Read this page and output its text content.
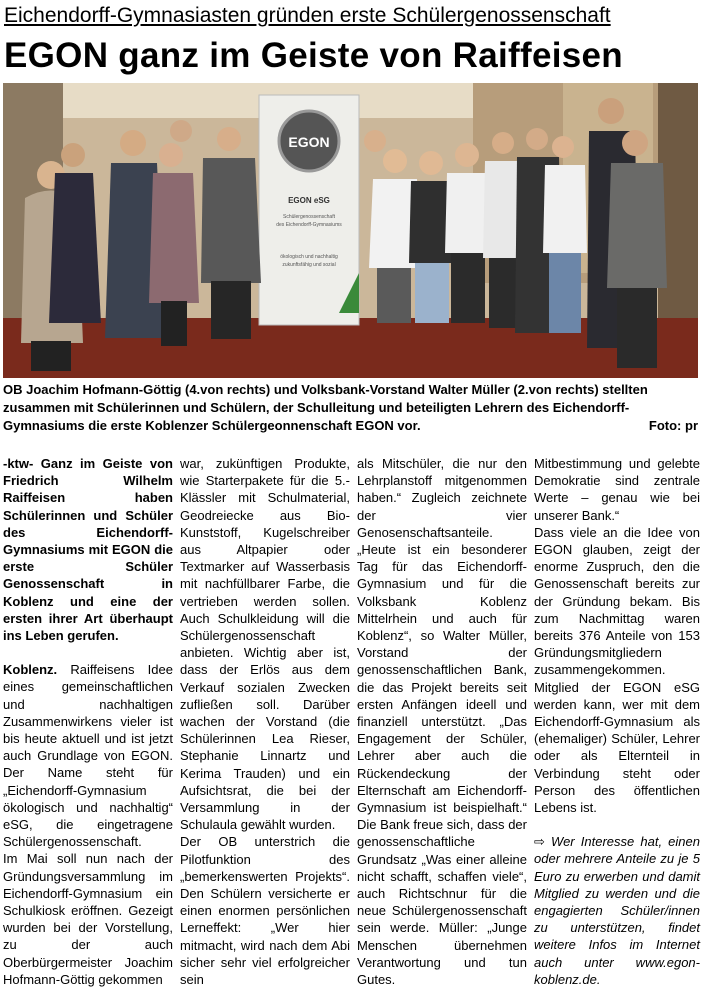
Eichendorff-Gymnasiasten gründen erste Schülergenossenschaft
EGON ganz im Geiste von Raiffeisen
EGON
EGON eSG
Schülergenossenschaft
des Eichendorff-Gymnasiums
ökologisch und nachhaltig
zukunftsfähig und sozial
OB Joachim Hofmann-Göttig (4.von rechts) und Volksbank-Vorstand Walter Müller (2.von rechts) stellten zusammen mit Schülerinnen und Schülern, der Schulleitung und beteiligten Lehrern des Eichendorff-Gymnasiums die erste Koblenzer Schülergeonnenschaft EGON vor.	Foto: pr

-ktw- Ganz im Geiste von Friedrich Wilhelm Raiffeisen haben Schülerinnen und Schüler des Eichendorff-Gymnasiums mit EGON die erste Schüler Genossenschaft in Koblenz und eine der ersten ihrer Art überhaupt ins Leben gerufen.

Koblenz. Raiffeisens Idee eines gemeinschaftlichen und nachhaltigen Zusammenwirkens vieler ist bis heute aktuell und ist jetzt auch Grundlage von EGON. Der Name steht für „Eichendorff-Gymnasium ökologisch und nachhaltig“ eSG, die eingetragene Schülergenossenschaft.

Im Mai soll nun nach der Gründungsversammlung im Eichendorff-Gymnasium ein Schulkiosk eröffnen. Gezeigt wurden bei der Vorstellung, zu der auch Oberbürgermeister Joachim Hofmann-Göttig gekommen

war, zukünftigen Produkte, wie Starterpakete für die 5.-Klässler mit Schulmaterial, Geodreiecke aus Bio-Kunststoff, Kugelschreiber aus Altpapier oder Textmarker auf Wasserbasis mit nachfüllbarer Farbe, die vertrieben werden sollen. Auch Schulkleidung will die Schülergenossenschaft anbieten. Wichtig aber ist, dass der Erlös aus dem Verkauf sozialen Zwecken zufließen soll. Darüber wachen der Vorstand (die Schülerinnen Lea Rieser, Stephanie Linnartz und Kerima Trauden) und ein Aufsichtsrat, die bei der Versammlung in der Schulaula gewählt wurden.

Der OB unterstrich die Pilotfunktion des „bemerkenswerten Projekts“. Den Schülern versicherte er einen enormen persönlichen Lerneffekt: „Wer hier mitmacht, wird nach dem Abi sicher sehr viel erfolgreicher sein

als Mitschüler, die nur den Lehrplanstoff mitgenommen haben.“ Zugleich zeichnete der vier Genosenschaftsanteile.

„Heute ist ein besonderer Tag für das Eichendorff-Gymnasium und für die Volksbank Koblenz Mittelrhein und auch für Koblenz“, so Walter Müller, Vorstand der genossenschaftlichen Bank, die das Projekt bereits seit ersten Anfängen ideell und finanziell unterstützt. „Das Engagement der Schüler, Lehrer aber auch die Rückendeckung der Elternschaft am Eichendorff-Gymnasium ist beispielhaft.“ Die Bank freue sich, dass der genossenschaftliche Grundsatz „Was einer alleine nicht schafft, schaffen viele“, auch Richtschnur für die neue Schülergenossenschaft sein werde. Müller: „Junge Menschen übernehmen Verantwortung und tun Gutes.

Mitbestimmung und gelebte Demokratie sind zentrale Werte – genau wie bei unserer Bank.“

Dass viele an die Idee von EGON glauben, zeigt der enorme Zuspruch, den die Genossenschaft bereits zur der Gründung bekam. Bis zum Nachmittag waren bereits 376 Anteile von 153 Gründungsmitgliedern zusammengekommen. Mitglied der EGON eSG werden kann, wer mit dem Eichendorff-Gymnasium als (ehemaliger) Schüler, Lehrer oder als Elternteil in Verbindung steht oder Person des öffentlichen Lebens ist.

⇨ Wer Interesse hat, einen oder mehrere Anteile zu je 5 Euro zu erwerben und damit Mitglied zu werden und die engagierten Schüler/innen zu unterstützen, findet weitere Infos im Internet auch unter www.egon-koblenz.de.
